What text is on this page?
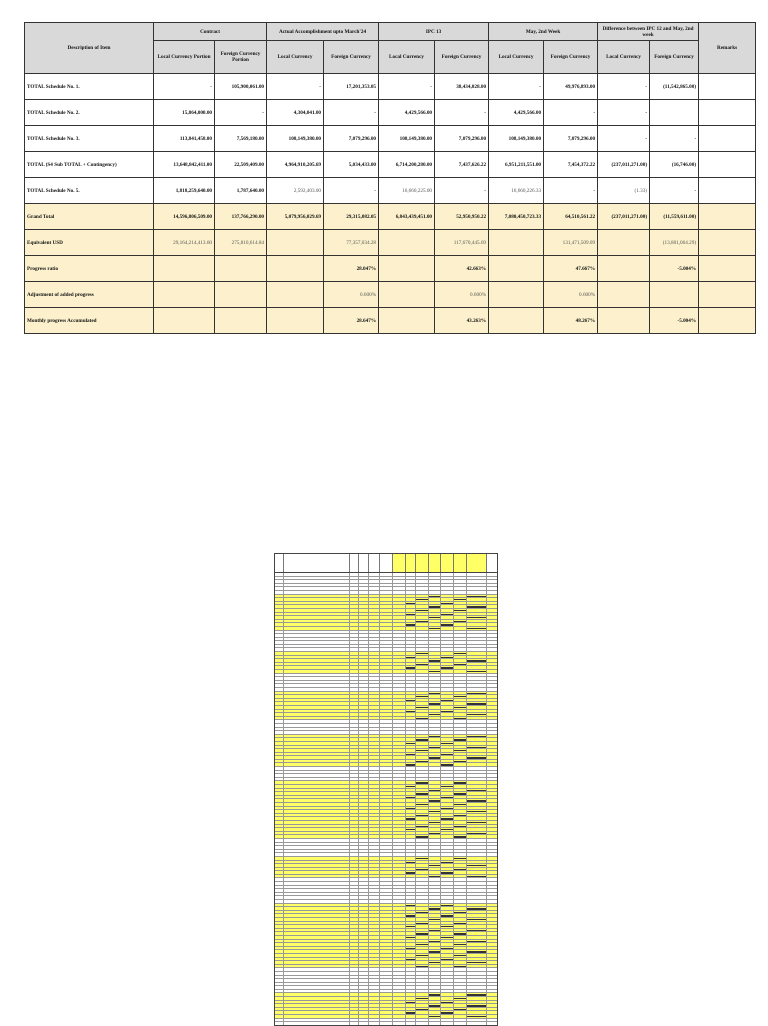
Description of Item	Contract		Actual Accomplishment upto March'24		IPC 13		May, 2nd Week		Difference between IPC 12 and May, 2nd week		Remarks
	Local Currency Portion	Foreign Currency Portion	Local Currency	Foreign Currency	Local Currency	Foreign Currency	Local Currency	Foreign Currency	Local Currency	Foreign Currency	
TOTAL Schedule No. 1.	-	105,900,061.00	-	17,201,353.05	-	38,434,028.00	-	49,976,893.00	-	(11,542,865.00)	
TOTAL Schedule No. 2.	15,864,000.00	-	4,304,041.00	-	4,429,566.00	-	4,429,566.00	-	-		
TOTAL Schedule No. 3.	113,841,458.00	7,569,180.00	108,149,380.00	7,079,296.00	108,149,380.00	7,079,296.00	108,149,380.00	7,079,296.00	-	-	
TOTAL (S4 Sub TOTAL + Contingency)	13,648,842,411.00	22,509,409.00	4,964,910,205.69	5,034,433.00	6,714,200,280.00	7,437,626.22	6,951,211,551.00	7,454,372.22	(237,011,271.00)	(16,746.00)	
TOTAL Schedule No. 5.	1,818,259,640.00	1,787,640.00	2,592,403.00	-	16,660,225.00	-	16,660,226.33	-	(1.33)	-	
Grand Total	14,596,806,509.00	137,766,290.00	5,079,956,029.69	29,315,082.05	6,843,439,451.00	52,950,950.22	7,080,450,723.33	64,510,561.22	(237,011,271.00)	(11,559,611.00)	
Equivalent USD	29,164,214,413.60	275,810,614.84		77,357,034.28		117,670,445.69		131,471,509.09		(13,801,064.29)	
Progress ratio				28.047%		42.663%		47.667%		-5.004%	
Adjustment of added progress				0.600%		0.600%		0.600%			
Monthly progress Accumulated				28.647%		43.263%		48.267%		-5.004%	
